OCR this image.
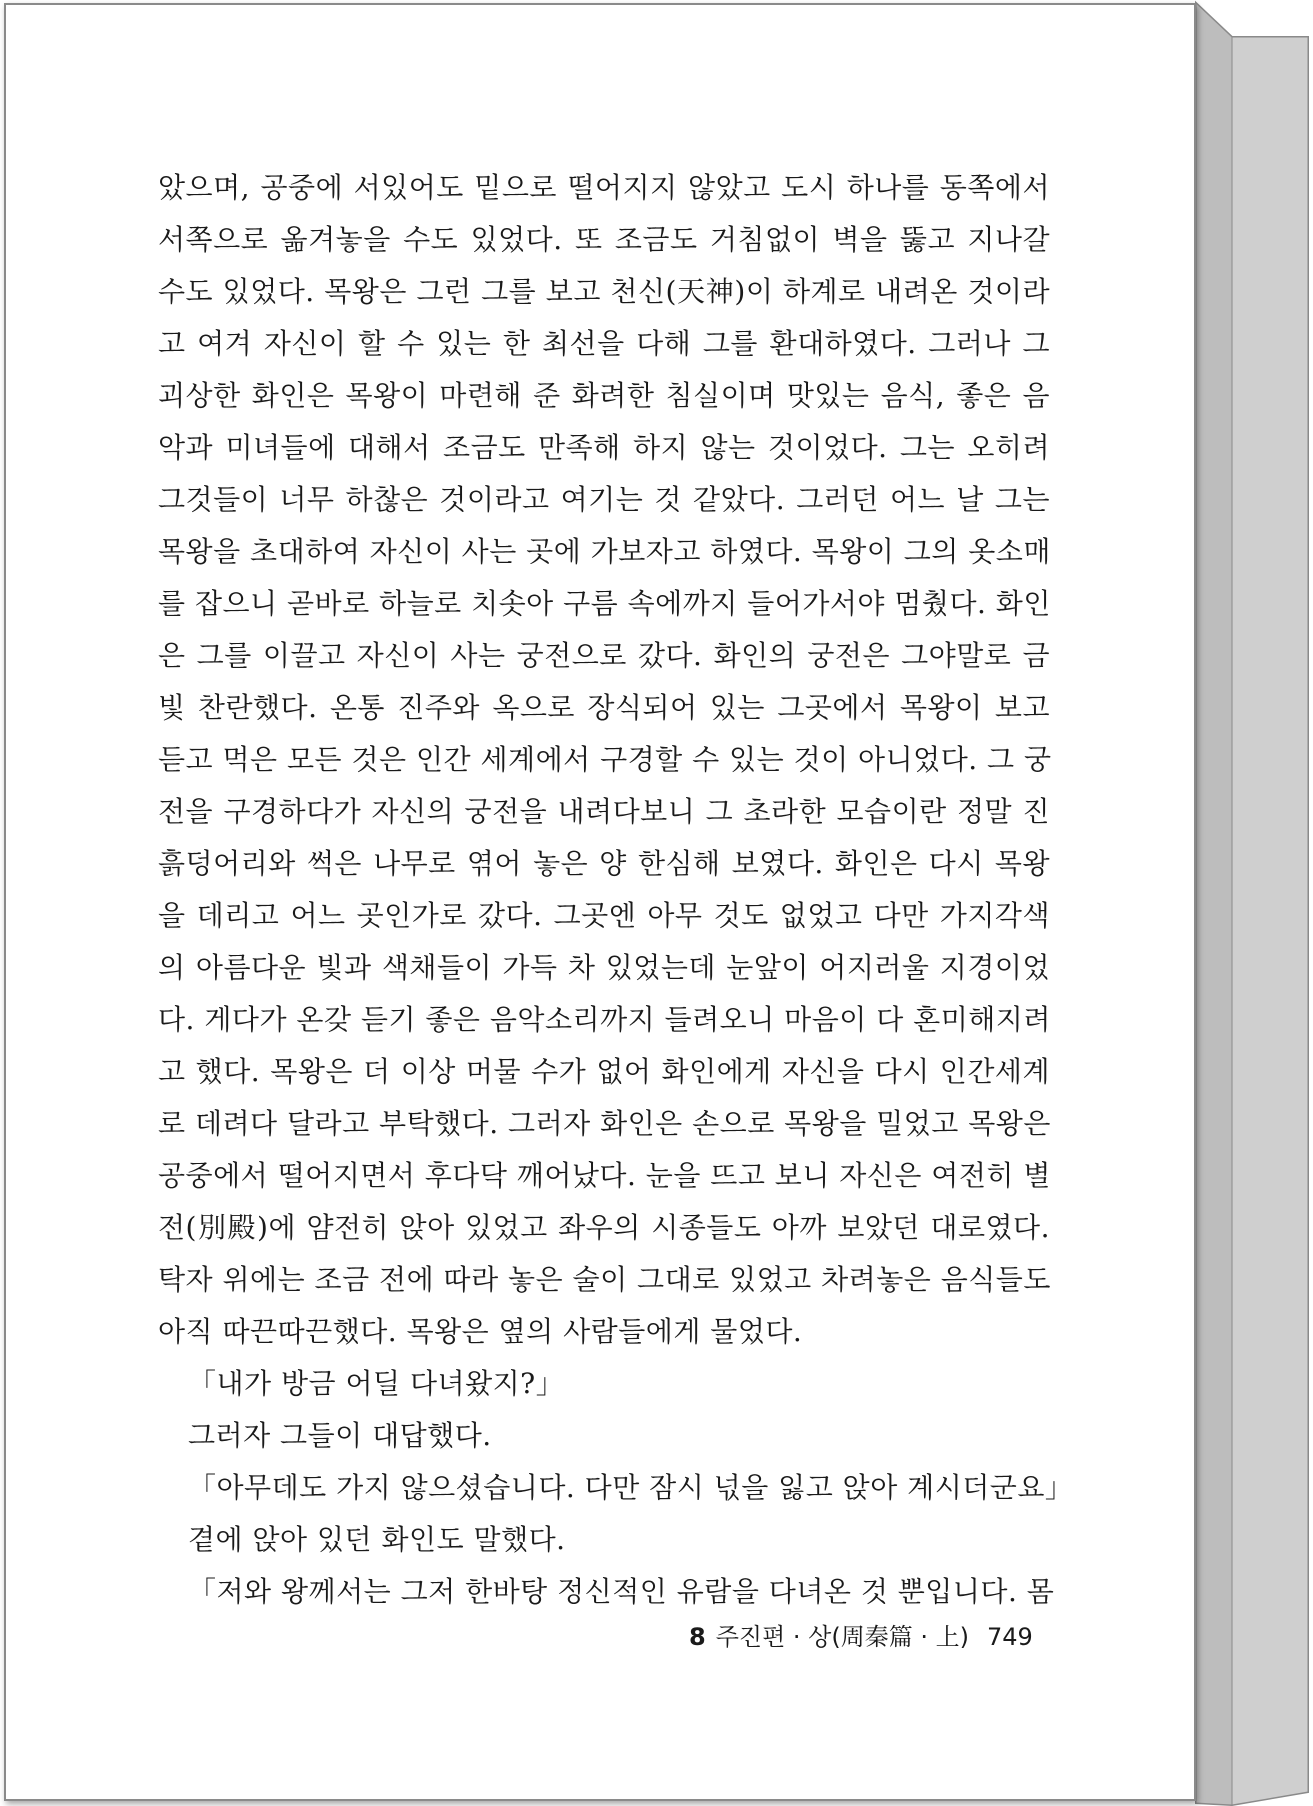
았으며, 공중에 서있어도 밑으로 떨어지지 않았고 도시 하나를 동쪽에서
서쪽으로 옮겨놓을 수도 있었다. 또 조금도 거침없이 벽을 뚫고 지나갈
수도 있었다. 목왕은 그런 그를 보고 천신(天神)이 하계로 내려온 것이라
고 여겨 자신이 할 수 있는 한 최선을 다해 그를 환대하였다. 그러나 그
괴상한 화인은 목왕이 마련해 준 화려한 침실이며 맛있는 음식, 좋은 음
악과 미녀들에 대해서 조금도 만족해 하지 않는 것이었다. 그는 오히려
그것들이 너무 하찮은 것이라고 여기는 것 같았다. 그러던 어느 날 그는
목왕을 초대하여 자신이 사는 곳에 가보자고 하였다. 목왕이 그의 옷소매
를 잡으니 곧바로 하늘로 치솟아 구름 속에까지 들어가서야 멈췄다. 화인
은 그를 이끌고 자신이 사는 궁전으로 갔다. 화인의 궁전은 그야말로 금
빛 찬란했다. 온통 진주와 옥으로 장식되어 있는 그곳에서 목왕이 보고
듣고 먹은 모든 것은 인간 세계에서 구경할 수 있는 것이 아니었다. 그 궁
전을 구경하다가 자신의 궁전을 내려다보니 그 초라한 모습이란 정말 진
흙덩어리와 썩은 나무로 엮어 놓은 양 한심해 보였다. 화인은 다시 목왕
을 데리고 어느 곳인가로 갔다. 그곳엔 아무 것도 없었고 다만 가지각색
의 아름다운 빛과 색채들이 가득 차 있었는데 눈앞이 어지러울 지경이었
다. 게다가 온갖 듣기 좋은 음악소리까지 들려오니 마음이 다 혼미해지려
고 했다. 목왕은 더 이상 머물 수가 없어 화인에게 자신을 다시 인간세계
로 데려다 달라고 부탁했다. 그러자 화인은 손으로 목왕을 밀었고 목왕은
공중에서 떨어지면서 후다닥 깨어났다. 눈을 뜨고 보니 자신은 여전히 별
전(別殿)에 얌전히 앉아 있었고 좌우의 시종들도 아까 보았던 대로였다.
탁자 위에는 조금 전에 따라 놓은 술이 그대로 있었고 차려놓은 음식들도
아직 따끈따끈했다. 목왕은 옆의 사람들에게 물었다.
「내가 방금 어딜 다녀왔지?」
그러자 그들이 대답했다.
「아무데도 가지 않으셨습니다. 다만 잠시 넋을 잃고 앉아 계시더군요」
곁에 앉아 있던 화인도 말했다.
「저와 왕께서는 그저 한바탕 정신적인 유람을 다녀온 것 뿐입니다. 몸
8 주진편 · 상(周秦篇 · 上) 749
